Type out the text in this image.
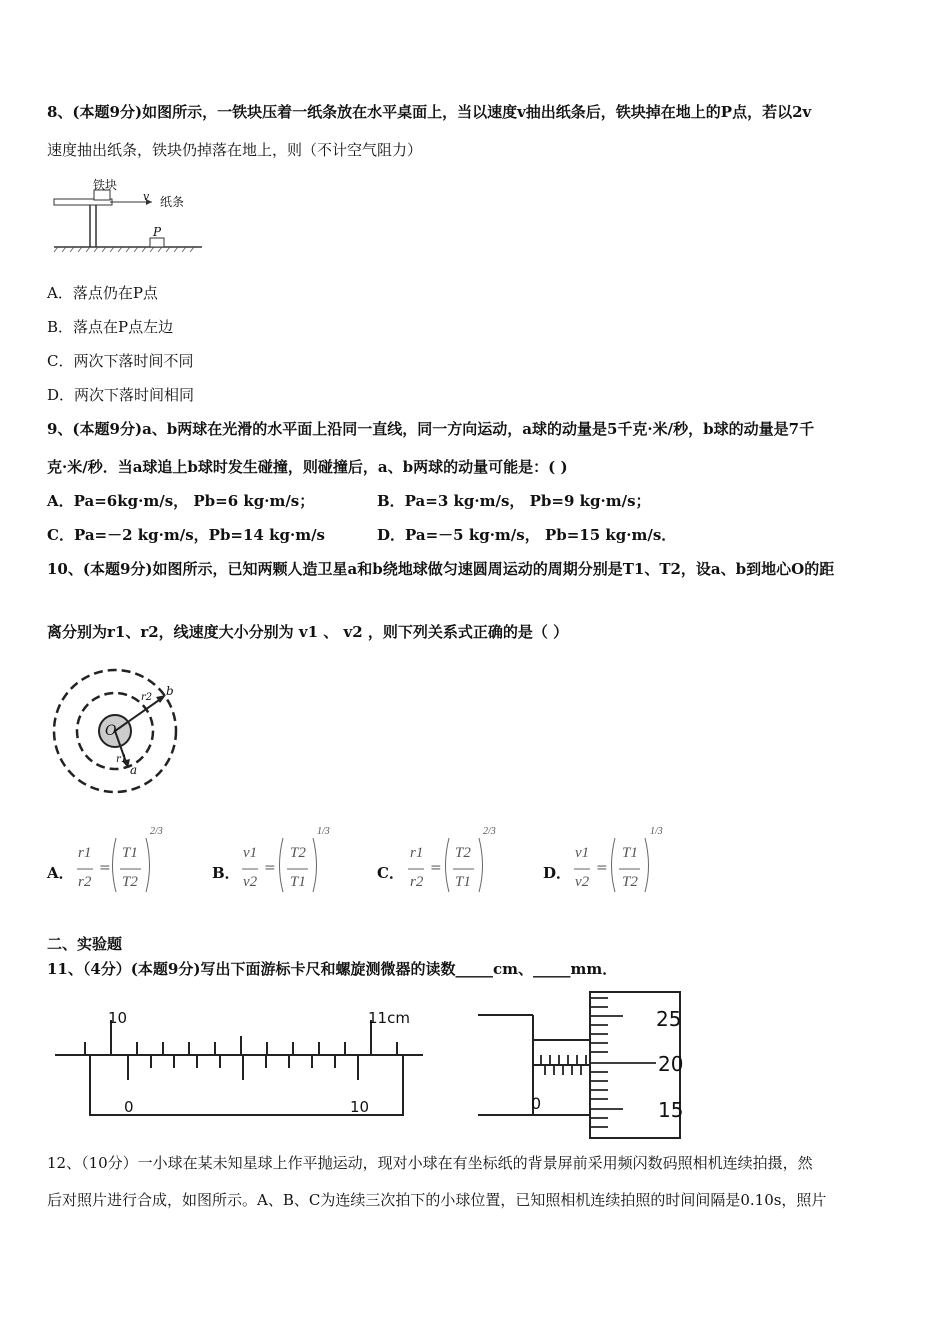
8、(本题9分)如图所示，一铁块压着一纸条放在水平桌面上，当以速度v抽出纸条后，铁块掉在地上的P点，若以2v
速度抽出纸条，铁块仍掉落在地上，则（不计空气阻力）
铁块
v 纸条
P
A．落点仍在P点
B．落点在P点左边
C．两次下落时间不同
D．两次下落时间相同
9、(本题9分)a、b两球在光滑的水平面上沿同一直线，同一方向运动，a球的动量是5千克·米/秒，b球的动量是7千
克·米/秒．当a球追上b球时发生碰撞，则碰撞后，a、b两球的动量可能是：( )
A．Pa=6kg·m/s， Pb=6 kg·m/s；	B．Pa=3 kg·m/s， Pb=9 kg·m/s；
C．Pa=－2 kg·m/s，Pb=14 kg·m/s	D．Pa=－5 kg·m/s， Pb=15 kg·m/s．
10、(本题9分)如图所示，已知两颗人造卫星a和b绕地球做匀速圆周运动的周期分别是T1、T2，设a、b到地心O的距
离分别为r1、r2，线速度大小分别为 v1 、 v2 ，则下列关系式正确的是（ ）
O
b
a
r2
r1
A．
r1
r2
T1
T2
2/3
B．
v1
v2
T2
T1
1/3
C．
r1
r2
T2
T1
2/3
D．
v1
v2
T1
T2
1/3
=	=	=	=
二、实验题
11、（4分）(本题9分)写出下面游标卡尺和螺旋测微器的读数_____cm、_____mm．
10	11cm
0	10
25
20
15
0
12、（10分）一小球在某未知星球上作平抛运动，现对小球在有坐标纸的背景屏前采用频闪数码照相机连续拍摄，然
后对照片进行合成，如图所示。A、B、C为连续三次拍下的小球位置，已知照相机连续拍照的时间间隔是0.10s，照片
